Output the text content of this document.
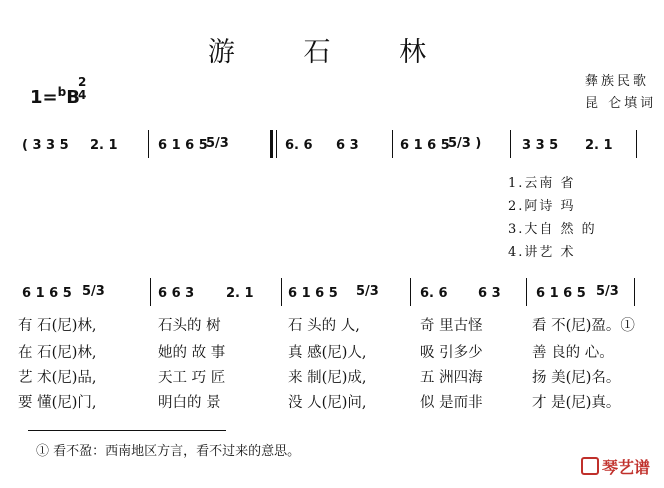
游 石 林
1=$^b$B
2
4
彝族民歌
昆 仑填词
( 3 3 5 2. 1	6 1 6 5
5/3	6. 6 6 3	6 1 6 5
5/3 )	3 3 5 2. 1
1.云南 省
2.阿诗 玛
3.大自 然 的
4.讲艺 术
6 1 6 5 5/3	6 6 3 2. 1	6 1 6 5 5/3	6. 6 6 3	6 1 6 5 5/3
有 石(尼)林,	石头的 树	石 头的 人,	奇 里古怪	看 不(尼)盈。①
在 石(尼)林,	她的 故 事	真 感(尼)人,	吸 引多少	善 良的 心。
艺 术(尼)品,	天工 巧 匠	来 制(尼)成,	五 洲四海	扬 美(尼)名。
要 懂(尼)门,	明白的 景	没 人(尼)问,	似 是而非	才 是(尼)真。
① 看不盈：西南地区方言，看不过来的意思。
琴艺谱
